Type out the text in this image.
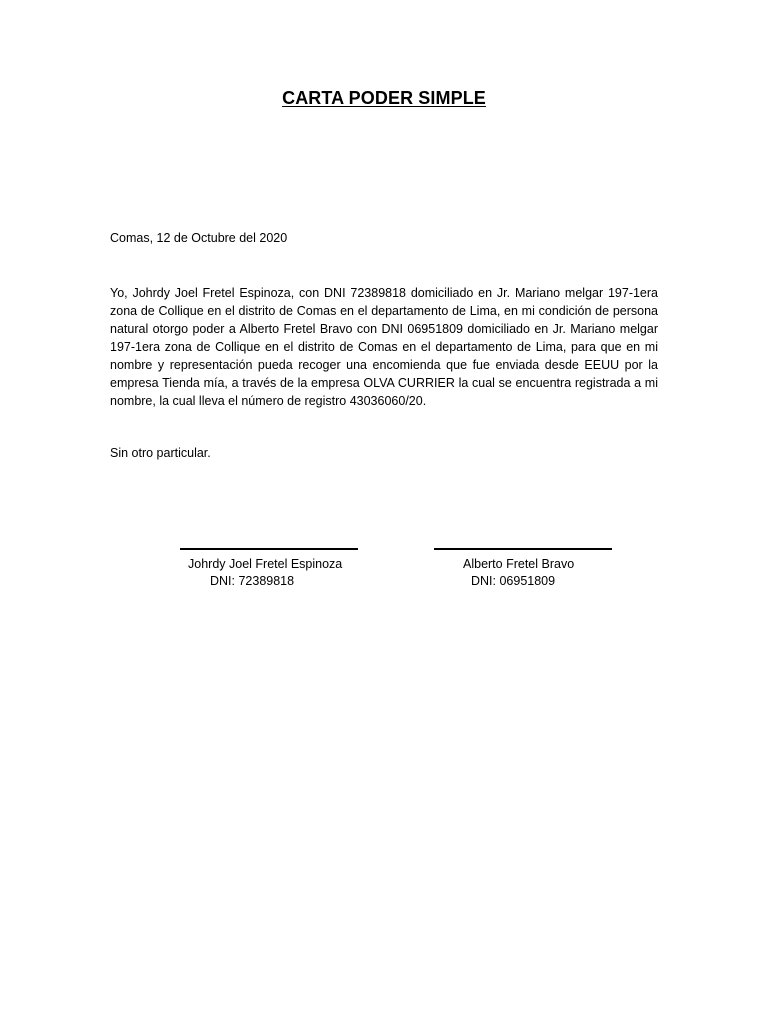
CARTA PODER SIMPLE
Comas, 12 de Octubre del 2020
Yo, Johrdy Joel Fretel Espinoza, con DNI 72389818 domiciliado en Jr. Mariano melgar 197-1era zona de Collique en el distrito de Comas en el departamento de Lima, en mi condición de persona natural otorgo poder a Alberto Fretel Bravo con DNI 06951809 domiciliado en Jr. Mariano melgar 197-1era zona de Collique en el distrito de Comas en el departamento de Lima, para que en mi nombre y representación pueda recoger una encomienda que fue enviada desde EEUU por la empresa Tienda mía, a través de la empresa OLVA CURRIER la cual se encuentra registrada a mi nombre, la cual lleva el número de registro 43036060/20.
Sin otro particular.
Johrdy Joel Fretel Espinoza
DNI: 72389818
Alberto Fretel Bravo
DNI: 06951809
